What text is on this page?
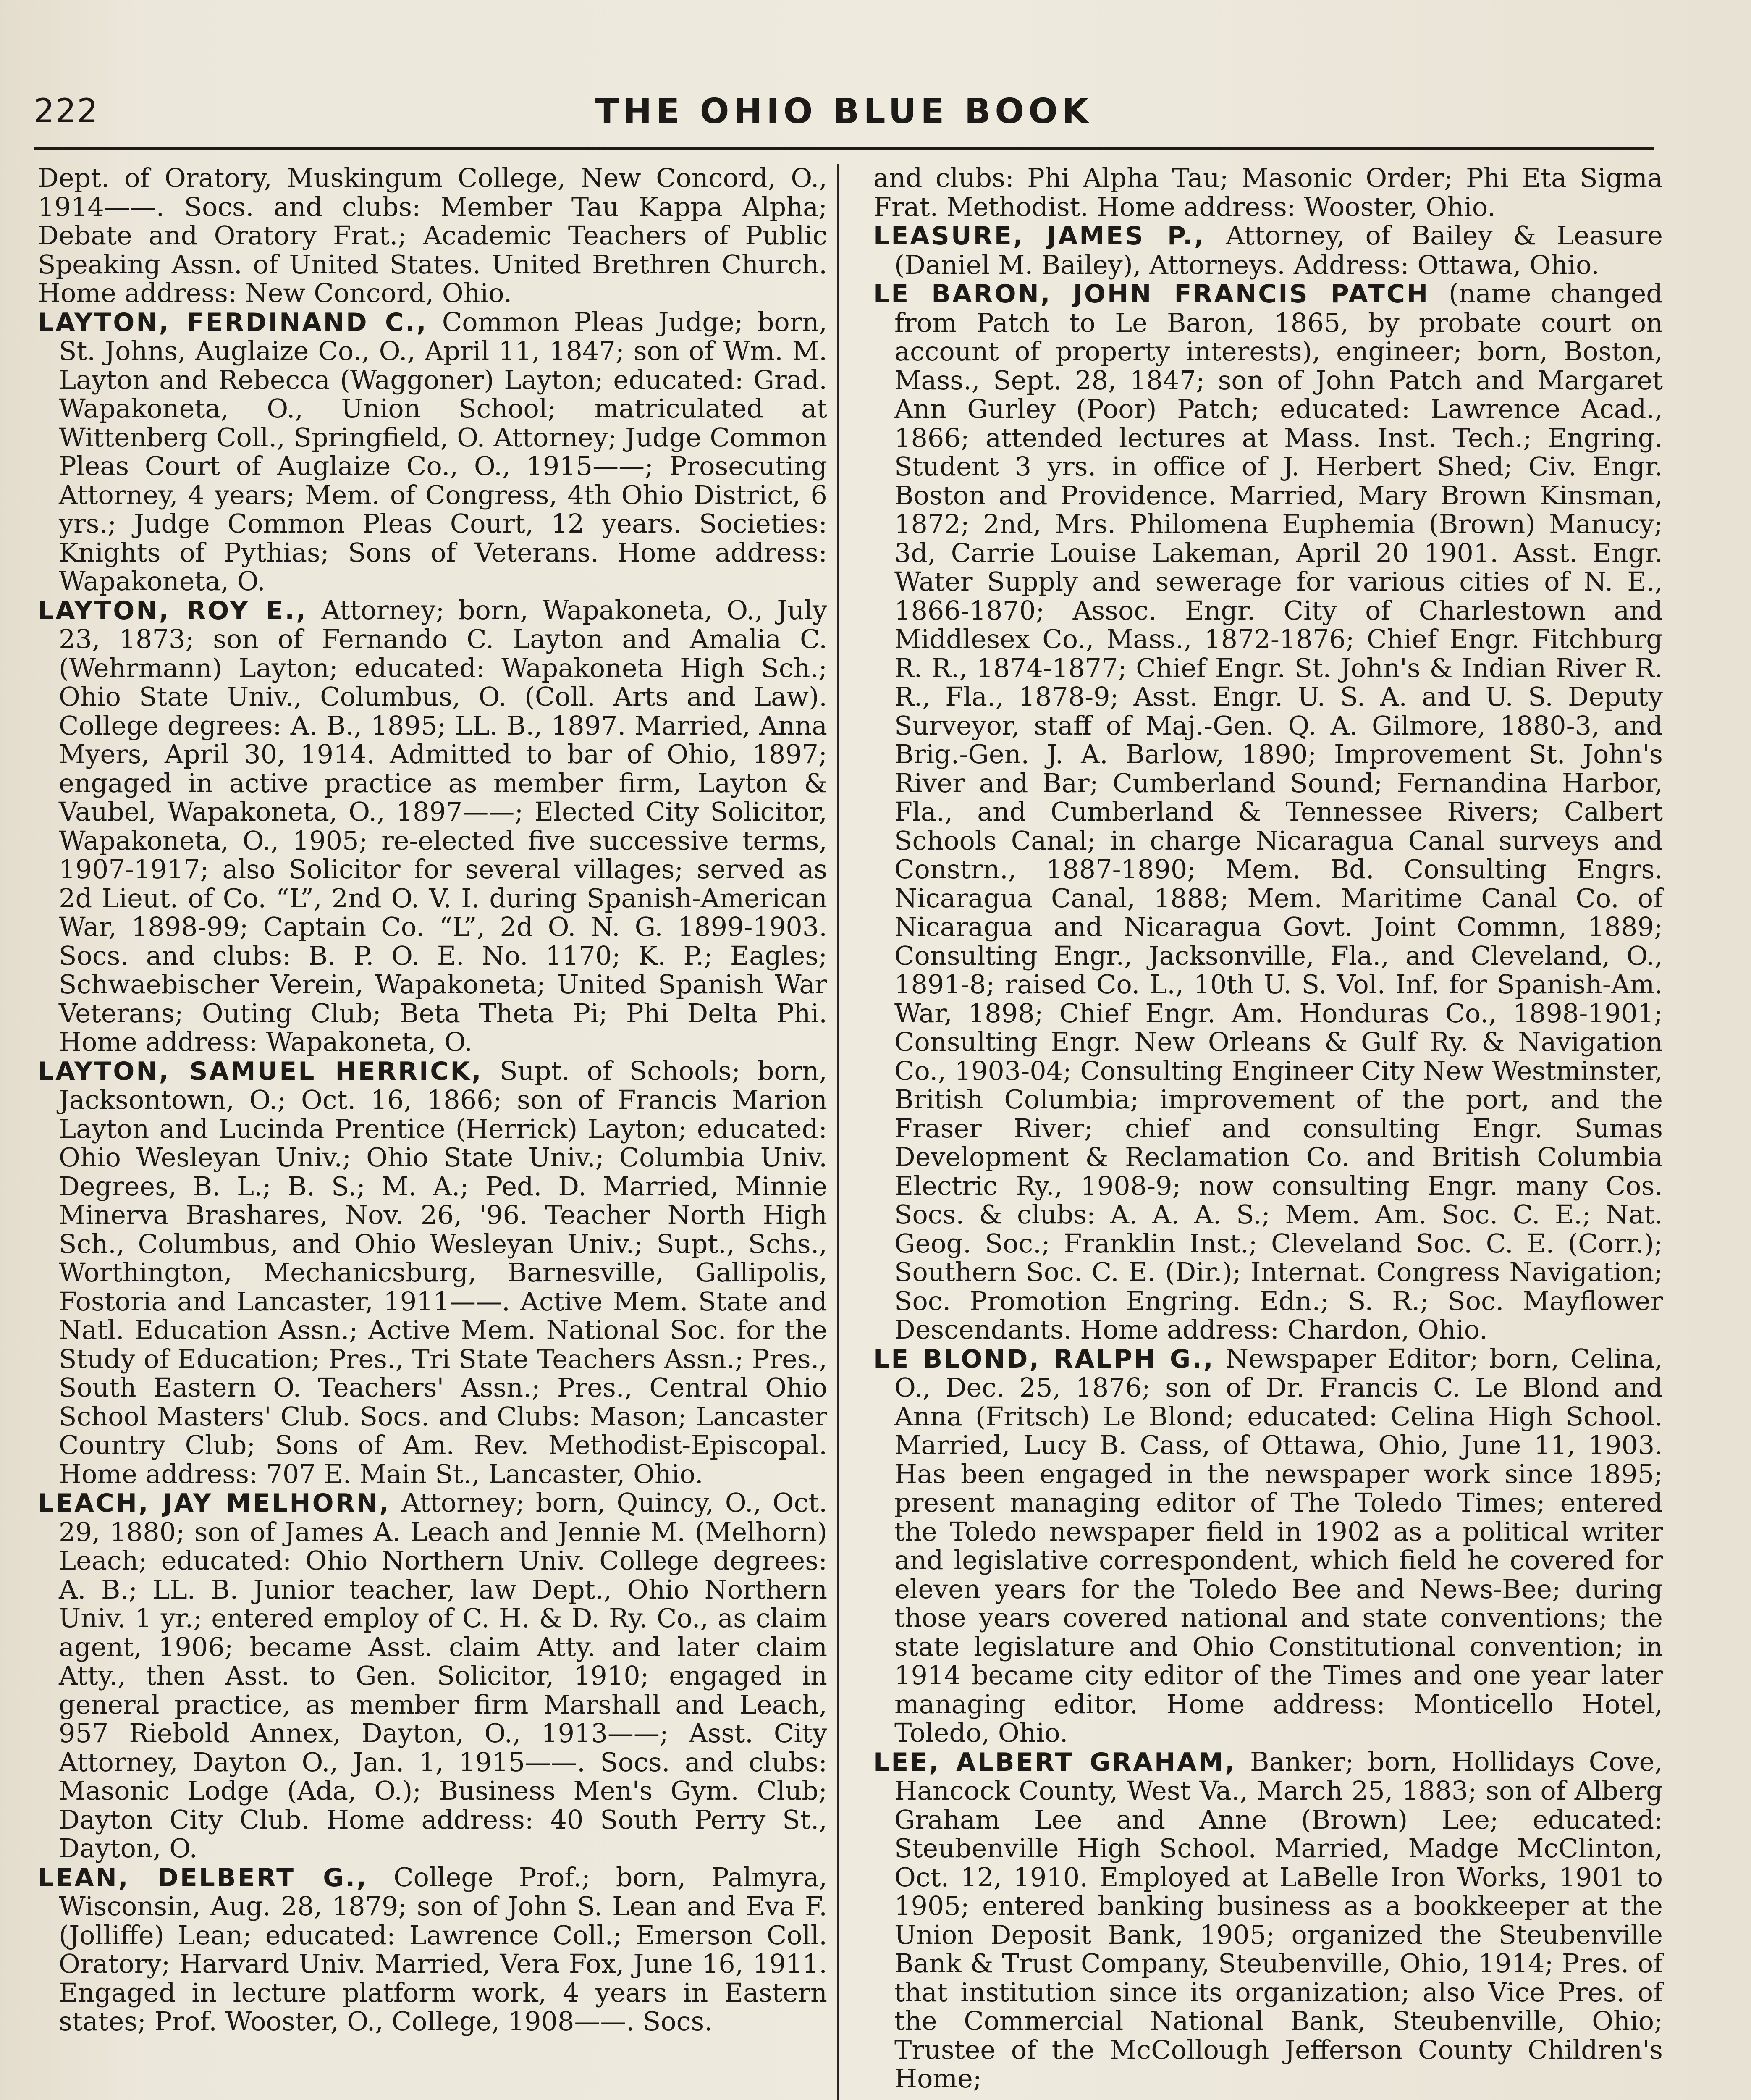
222	THE OHIO BLUE BOOK

Dept. of Oratory, Muskingum College, New Concord, O., 1914——. Socs. and clubs: Member Tau Kappa Alpha; Debate and Oratory Frat.; Academic Teachers of Public Speaking Assn. of United States. United Brethren Church. Home address: New Concord, Ohio.

LAYTON, FERDINAND C., Common Pleas Judge; born, St. Johns, Auglaize Co., O., April 11, 1847; son of Wm. M. Layton and Rebecca (Waggoner) Layton; educated: Grad. Wapakoneta, O., Union School; matriculated at Wittenberg Coll., Springfield, O. Attorney; Judge Common Pleas Court of Auglaize Co., O., 1915——; Prosecuting Attorney, 4 years; Mem. of Congress, 4th Ohio District, 6 yrs.; Judge Common Pleas Court, 12 years. Societies: Knights of Pythias; Sons of Veterans. Home address: Wapakoneta, O.

LAYTON, ROY E., Attorney; born, Wapakoneta, O., July 23, 1873; son of Fernando C. Layton and Amalia C. (Wehrmann) Layton; educated: Wapakoneta High Sch.; Ohio State Univ., Columbus, O. (Coll. Arts and Law). College degrees: A. B., 1895; LL. B., 1897. Married, Anna Myers, April 30, 1914. Admitted to bar of Ohio, 1897; engaged in active practice as member firm, Layton & Vaubel, Wapakoneta, O., 1897——; Elected City Solicitor, Wapakoneta, O., 1905; re-elected five successive terms, 1907-1917; also Solicitor for several villages; served as 2d Lieut. of Co. “L”, 2nd O. V. I. during Spanish-American War, 1898-99; Captain Co. “L”, 2d O. N. G. 1899-1903. Socs. and clubs: B. P. O. E. No. 1170; K. P.; Eagles; Schwaebischer Verein, Wapakoneta; United Spanish War Veterans; Outing Club; Beta Theta Pi; Phi Delta Phi. Home address: Wapakoneta, O.

LAYTON, SAMUEL HERRICK, Supt. of Schools; born, Jacksontown, O.; Oct. 16, 1866; son of Francis Marion Layton and Lucinda Prentice (Herrick) Layton; educated: Ohio Wesleyan Univ.; Ohio State Univ.; Columbia Univ. Degrees, B. L.; B. S.; M. A.; Ped. D. Married, Minnie Minerva Brashares, Nov. 26, '96. Teacher North High Sch., Columbus, and Ohio Wesleyan Univ.; Supt., Schs., Worthington, Mechanicsburg, Barnesville, Gallipolis, Fostoria and Lancaster, 1911——. Active Mem. State and Natl. Education Assn.; Active Mem. National Soc. for the Study of Education; Pres., Tri State Teachers Assn.; Pres., South Eastern O. Teachers' Assn.; Pres., Central Ohio School Masters' Club. Socs. and Clubs: Mason; Lancaster Country Club; Sons of Am. Rev. Methodist-Episcopal. Home address: 707 E. Main St., Lancaster, Ohio.

LEACH, JAY MELHORN, Attorney; born, Quincy, O., Oct. 29, 1880; son of James A. Leach and Jennie M. (Melhorn) Leach; educated: Ohio Northern Univ. College degrees: A. B.; LL. B. Junior teacher, law Dept., Ohio Northern Univ. 1 yr.; entered employ of C. H. & D. Ry. Co., as claim agent, 1906; became Asst. claim Atty. and later claim Atty., then Asst. to Gen. Solicitor, 1910; engaged in general practice, as member firm Marshall and Leach, 957 Riebold Annex, Dayton, O., 1913——; Asst. City Attorney, Dayton O., Jan. 1, 1915——. Socs. and clubs: Masonic Lodge (Ada, O.); Business Men's Gym. Club; Dayton City Club. Home address: 40 South Perry St., Dayton, O.

LEAN, DELBERT G., College Prof.; born, Palmyra, Wisconsin, Aug. 28, 1879; son of John S. Lean and Eva F. (Jolliffe) Lean; educated: Lawrence Coll.; Emerson Coll. Oratory; Harvard Univ. Married, Vera Fox, June 16, 1911. Engaged in lecture platform work, 4 years in Eastern states; Prof. Wooster, O., College, 1908——. Socs.

and clubs: Phi Alpha Tau; Masonic Order; Phi Eta Sigma Frat. Methodist. Home address: Wooster, Ohio.

LEASURE, JAMES P., Attorney, of Bailey & Leasure (Daniel M. Bailey), Attorneys. Address: Ottawa, Ohio.

LE BARON, JOHN FRANCIS PATCH (name changed from Patch to Le Baron, 1865, by probate court on account of property interests), engineer; born, Boston, Mass., Sept. 28, 1847; son of John Patch and Margaret Ann Gurley (Poor) Patch; educated: Lawrence Acad., 1866; attended lectures at Mass. Inst. Tech.; Engring. Student 3 yrs. in office of J. Herbert Shed; Civ. Engr. Boston and Providence. Married, Mary Brown Kinsman, 1872; 2nd, Mrs. Philomena Euphemia (Brown) Manucy; 3d, Carrie Louise Lakeman, April 20 1901. Asst. Engr. Water Supply and sewerage for various cities of N. E., 1866-1870; Assoc. Engr. City of Charlestown and Middlesex Co., Mass., 1872-1876; Chief Engr. Fitchburg R. R., 1874-1877; Chief Engr. St. John's & Indian River R. R., Fla., 1878-9; Asst. Engr. U. S. A. and U. S. Deputy Surveyor, staff of Maj.-Gen. Q. A. Gilmore, 1880-3, and Brig.-Gen. J. A. Barlow, 1890; Improvement St. John's River and Bar; Cumberland Sound; Fernandina Harbor, Fla., and Cumberland & Tennessee Rivers; Calbert Schools Canal; in charge Nicaragua Canal surveys and Constrn., 1887-1890; Mem. Bd. Consulting Engrs. Nicaragua Canal, 1888; Mem. Maritime Canal Co. of Nicaragua and Nicaragua Govt. Joint Commn, 1889; Consulting Engr., Jacksonville, Fla., and Cleveland, O., 1891-8; raised Co. L., 10th U. S. Vol. Inf. for Spanish-Am. War, 1898; Chief Engr. Am. Honduras Co., 1898-1901; Consulting Engr. New Orleans & Gulf Ry. & Navigation Co., 1903-04; Consulting Engineer City New Westminster, British Columbia; improvement of the port, and the Fraser River; chief and consulting Engr. Sumas Development & Reclamation Co. and British Columbia Electric Ry., 1908-9; now consulting Engr. many Cos. Socs. & clubs: A. A. A. S.; Mem. Am. Soc. C. E.; Nat. Geog. Soc.; Franklin Inst.; Cleveland Soc. C. E. (Corr.); Southern Soc. C. E. (Dir.); Internat. Congress Navigation; Soc. Promotion Engring. Edn.; S. R.; Soc. Mayflower Descendants. Home address: Chardon, Ohio.

LE BLOND, RALPH G., Newspaper Editor; born, Celina, O., Dec. 25, 1876; son of Dr. Francis C. Le Blond and Anna (Fritsch) Le Blond; educated: Celina High School. Married, Lucy B. Cass, of Ottawa, Ohio, June 11, 1903. Has been engaged in the newspaper work since 1895; present managing editor of The Toledo Times; entered the Toledo newspaper field in 1902 as a political writer and legislative correspondent, which field he covered for eleven years for the Toledo Bee and News-Bee; during those years covered national and state conventions; the state legislature and Ohio Constitutional convention; in 1914 became city editor of the Times and one year later managing editor. Home address: Monticello Hotel, Toledo, Ohio.

LEE, ALBERT GRAHAM, Banker; born, Hollidays Cove, Hancock County, West Va., March 25, 1883; son of Alberg Graham Lee and Anne (Brown) Lee; educated: Steubenville High School. Married, Madge McClinton, Oct. 12, 1910. Employed at LaBelle Iron Works, 1901 to 1905; entered banking business as a bookkeeper at the Union Deposit Bank, 1905; organized the Steubenville Bank & Trust Company, Steubenville, Ohio, 1914; Pres. of that institution since its organization; also Vice Pres. of the Commercial National Bank, Steubenville, Ohio; Trustee of the McCollough Jefferson County Children's Home;
